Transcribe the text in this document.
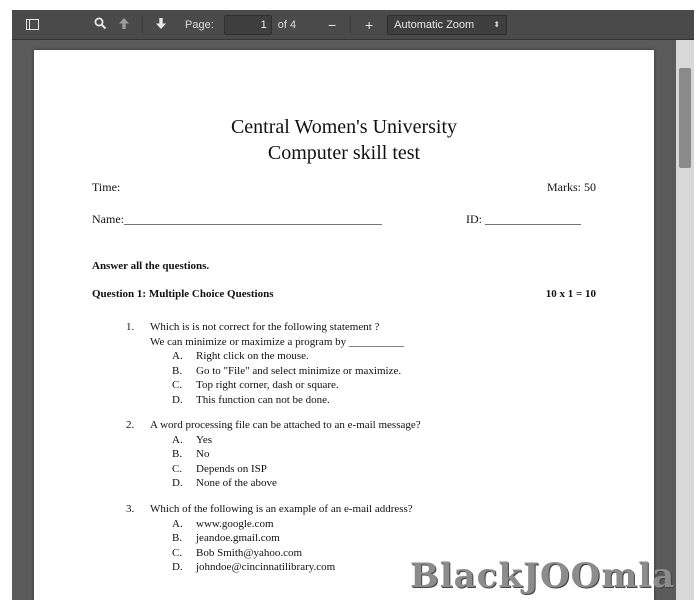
Page:
1	of 4 − + Automatic Zoom ⬍
Central Women's University
Computer skill test
Time:	Marks: 50
Name:___________________________________________	ID: ________________
Answer all the questions.
Question 1: Multiple Choice Questions	10 x 1 = 10
1. Which is is not correct for the following statement ?
We can minimize or maximize a program by __________
A.	Right click on the mouse.
B.	Go to "File" and select minimize or maximize.
C.	Top right corner, dash or square.
D.	This function can not be done.
2. A word processing file can be attached to an e-mail message?
A.	Yes
B.	No
C.	Depends on ISP
D.	None of the above
3. Which of the following is an example of an e-mail address?
A.	www.google.com
B.	jeandoe.gmail.com
C.	Bob Smith@yahoo.com
D.	johndoe@cincinnatilibrary.com BlackJOOmla
